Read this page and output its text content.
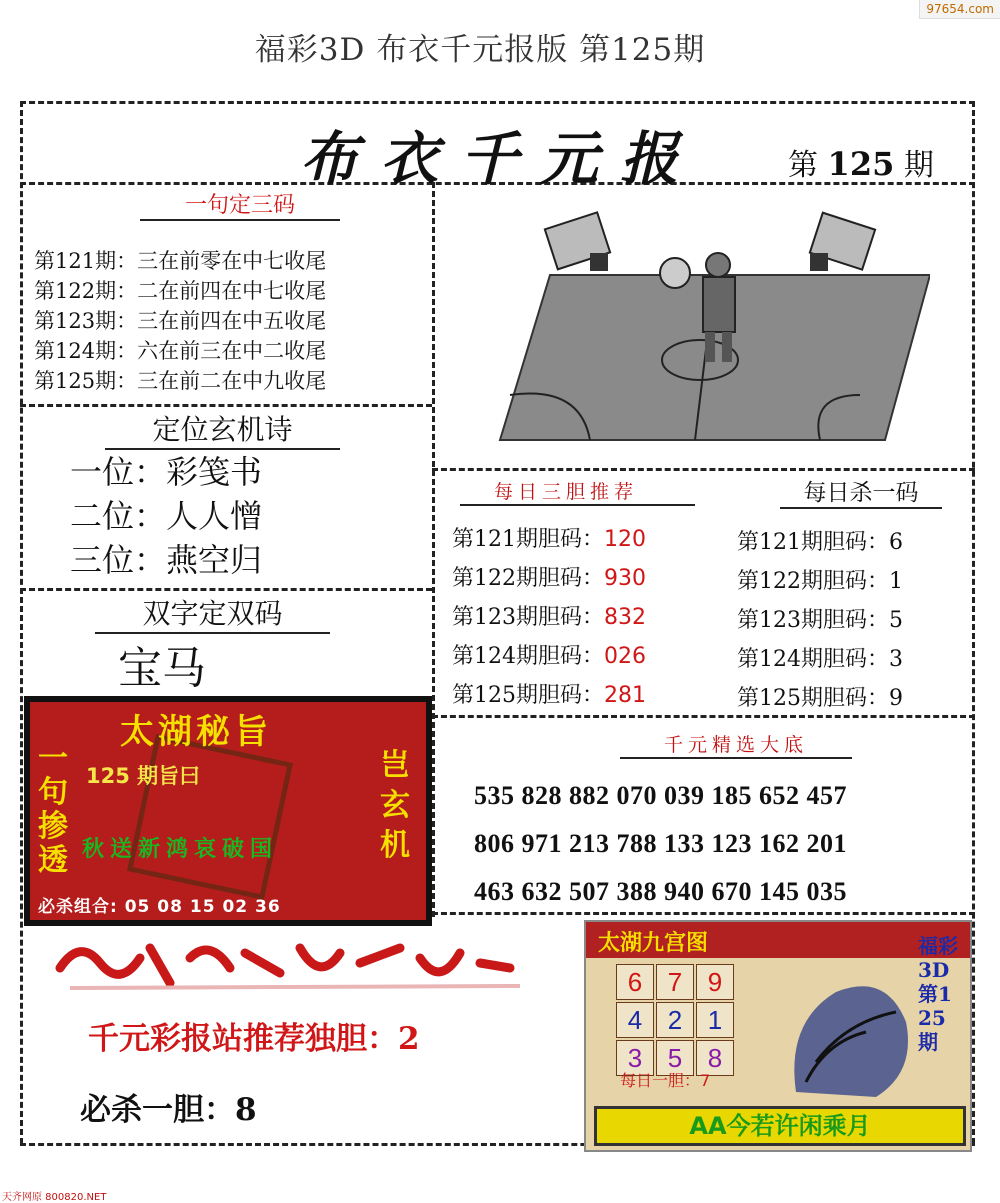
97654.com
福彩3D 布衣千元报版 第125期
布衣千元报	第 125 期
一句定三码
第121期：三在前零在中七收尾
第122期：二在前四在中七收尾
第123期：三在前四在中五收尾
第124期：六在前三在中二收尾
第125期：三在前二在中九收尾
定位玄机诗
一位：彩笺书
二位：人人憎
三位：燕空归
双字定双码
宝马
每日三胆推荐
第121期胆码：120
第122期胆码：930
第123期胆码：832
第124期胆码：026
第125期胆码：281
每日杀一码
第121期胆码：6
第122期胆码：1
第123期胆码：5
第124期胆码：3
第125期胆码：9
千元精选大底
535 828 882 070 039 185 652 457
806 971 213 788 133 123 162 201
463 632 507 388 940 670 145 035
太湖秘旨
125 期旨曰
一句掺透
岂玄机
秋送新鸿哀破国
必杀组合: 05 08 15 02 36
千元彩报站推荐独胆：2
必杀一胆：8
太湖九宫图
6 7 9
4 2 1
3 5 8
福彩3D第125期
每日一胆：7
AA今若许闲乘月
天齐网原 800820.NET
